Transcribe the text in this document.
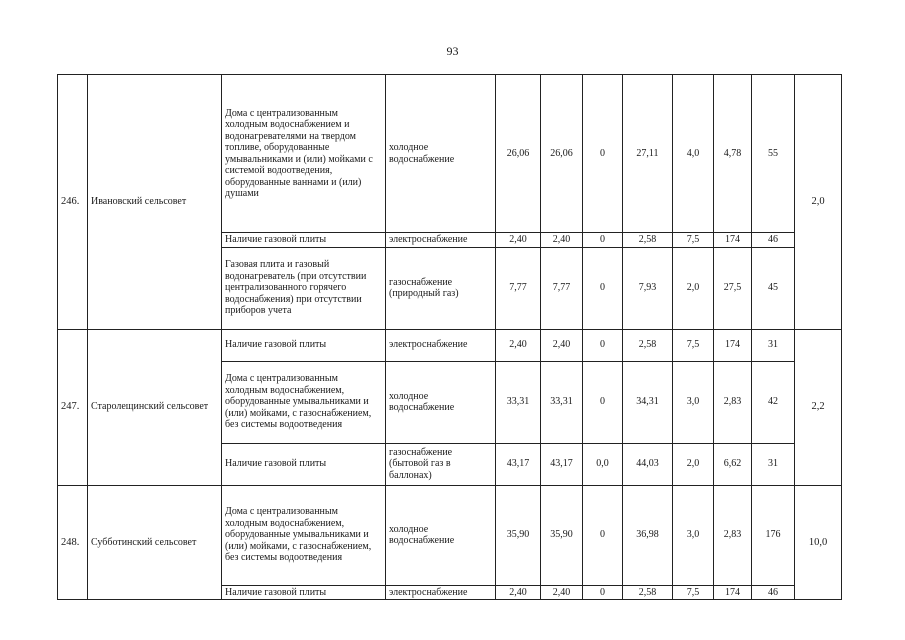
93
246.	Ивановский сельсовет	Дома с централизованным холодным водоснабжением и водонагревателями на твердом топливе, оборудованные умывальниками и (или) мойками с системой водоотведения, оборудованные ваннами и (или) душами	холодное водоснабжение	26,06	26,06	0	27,11	4,0	4,78	55	2,0
		Наличие газовой плиты	электроснабжение	2,40	2,40	0	2,58	7,5	174	46	
		Газовая плита и газовый водонагреватель (при отсутствии централизованного горячего водоснабжения) при отсутствии приборов учета	газоснабжение (природный газ)	7,77	7,77	0	7,93	2,0	27,5	45	
247.	Старолещинский сельсовет	Наличие газовой плиты	электроснабжение	2,40	2,40	0	2,58	7,5	174	31	2,2
		Дома с централизованным холодным водоснабжением, оборудованные умывальниками и (или) мойками, с газоснабжением, без системы водоотведения	холодное водоснабжение	33,31	33,31	0	34,31	3,0	2,83	42	
		Наличие газовой плиты	газоснабжение (бытовой газ в баллонах)	43,17	43,17	0,0	44,03	2,0	6,62	31	
248.	Субботинский сельсовет	Дома с централизованным холодным водоснабжением, оборудованные умывальниками и (или) мойками, с газоснабжением, без системы водоотведения	холодное водоснабжение	35,90	35,90	0	36,98	3,0	2,83	176	10,0
		Наличие газовой плиты	электроснабжение	2,40	2,40	0	2,58	7,5	174	46	
